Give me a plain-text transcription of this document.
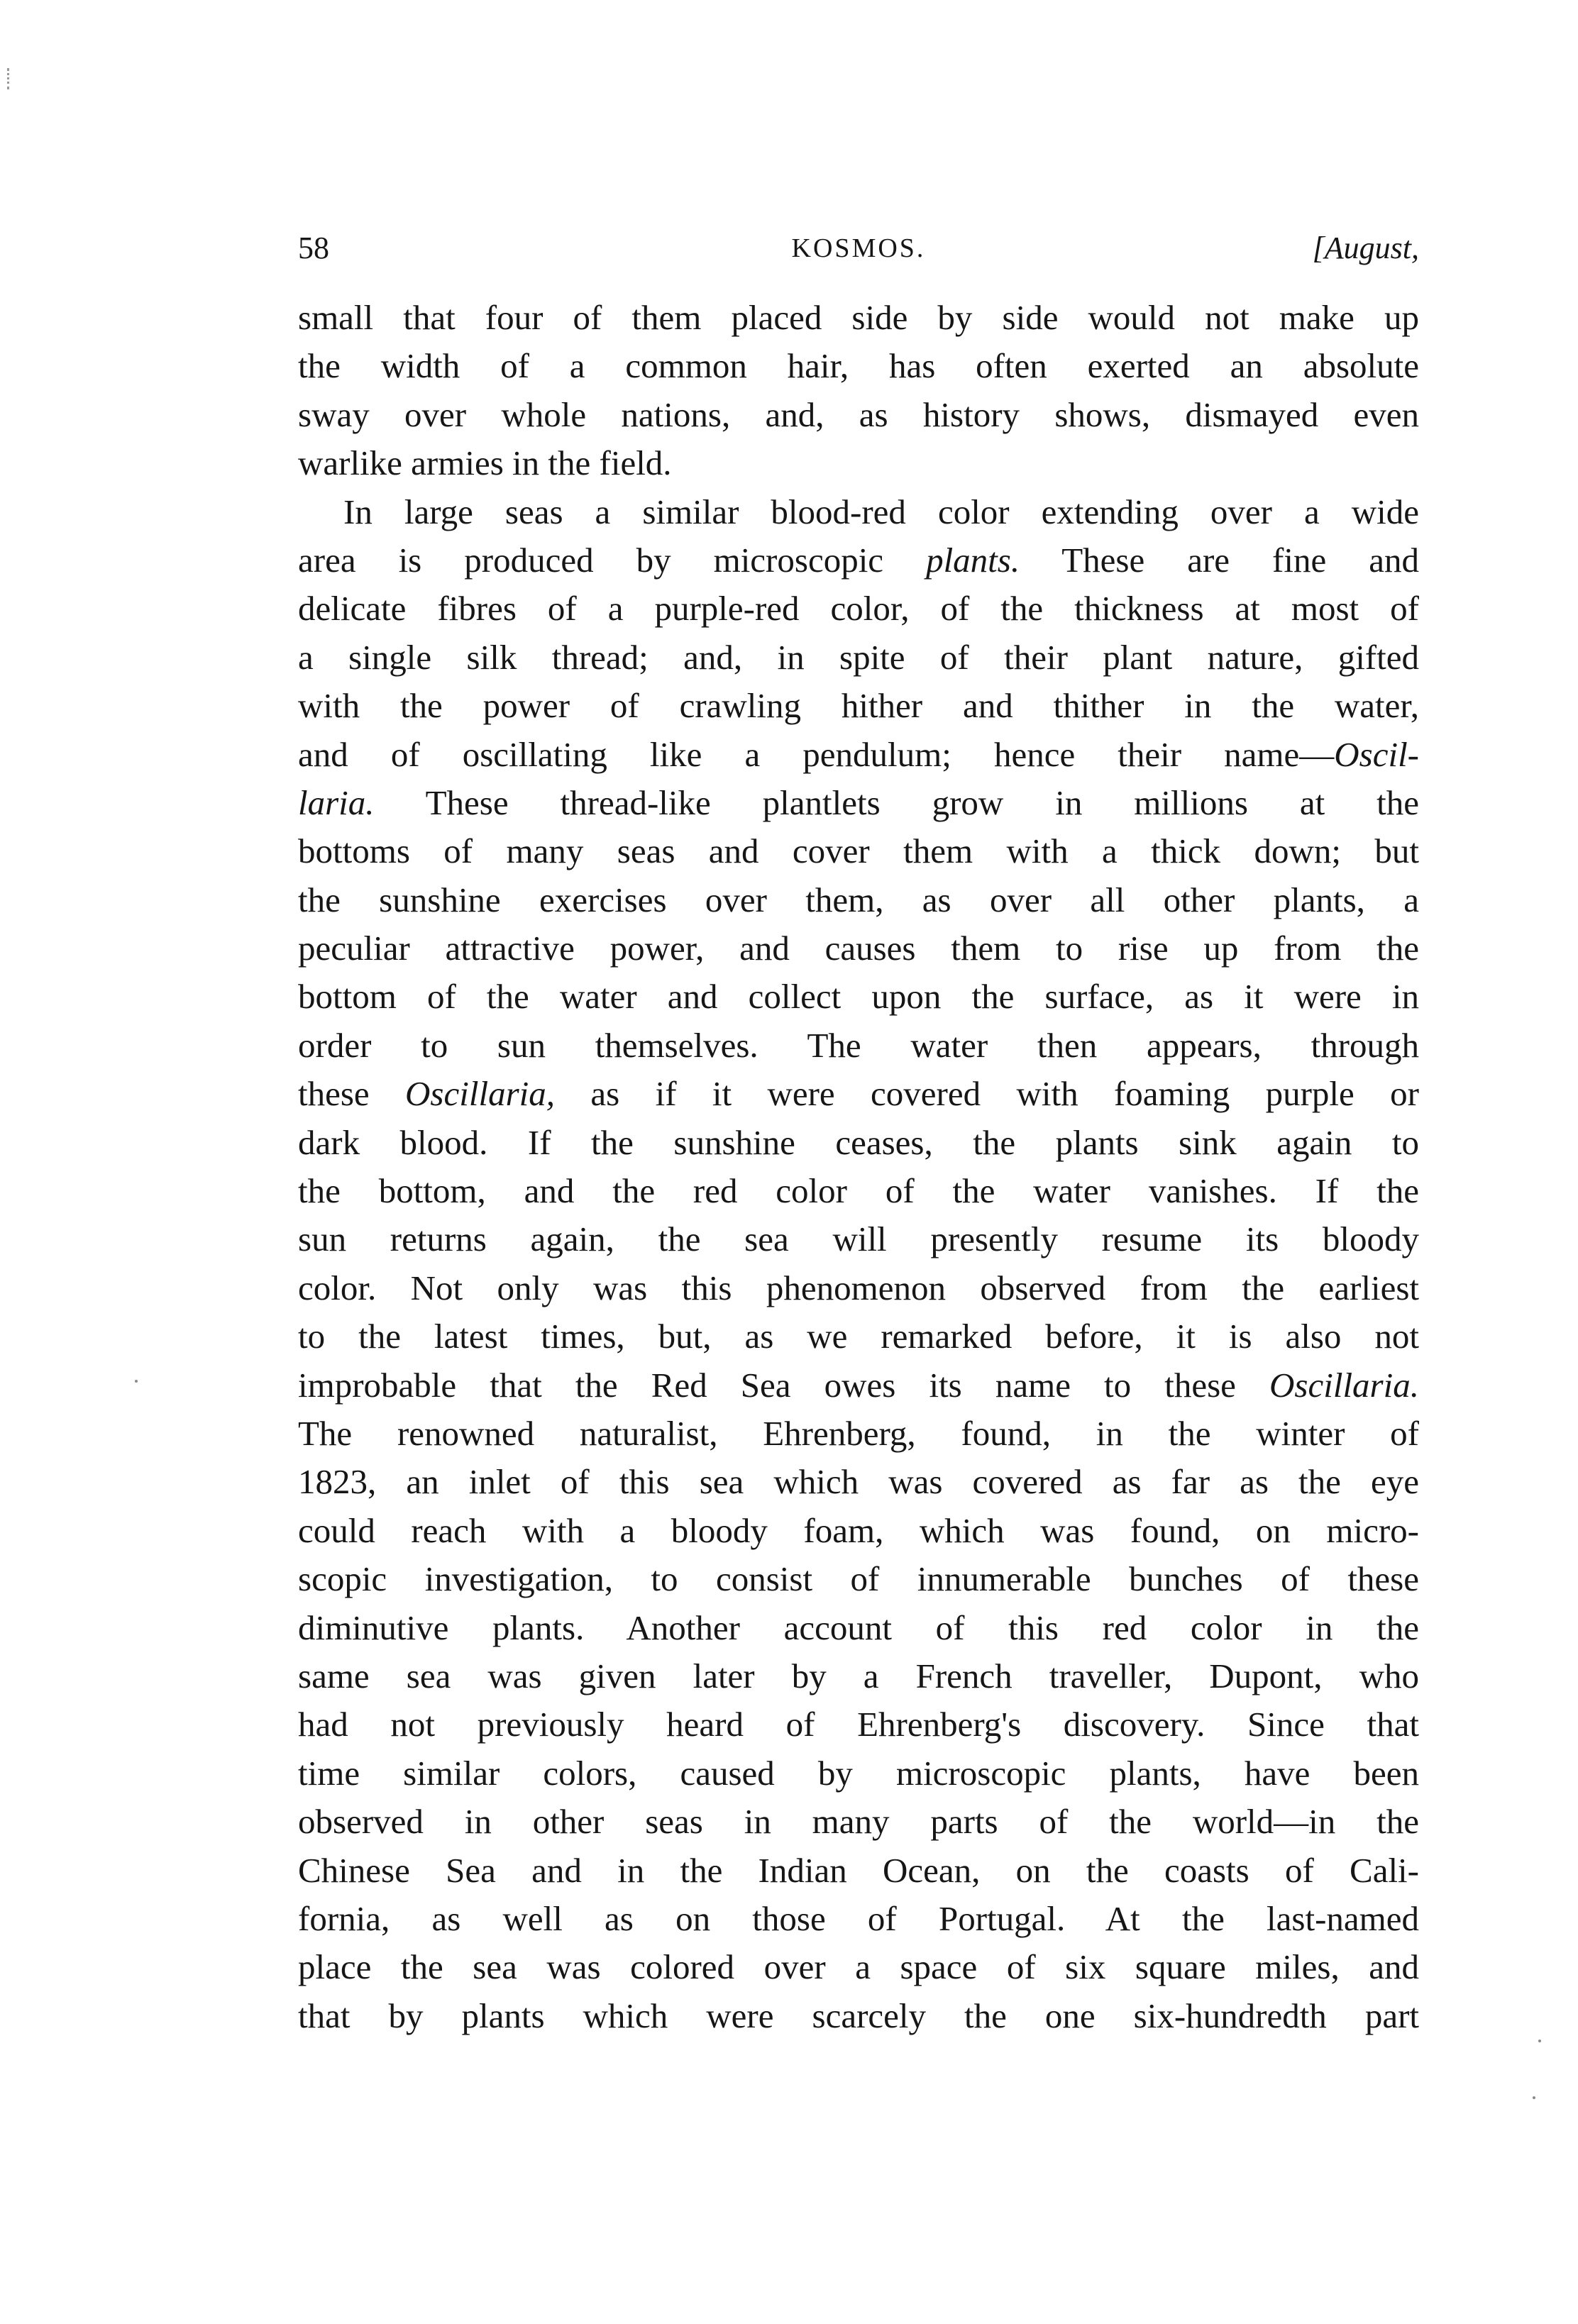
58	KOSMOS.	[August,
small that four of them placed side by side would not make up
the width of a common hair, has often exerted an absolute
sway over whole nations, and, as history shows, dismayed even
warlike armies in the field.
In large seas a similar blood-red color extending over a wide
area is produced by microscopic plants. These are fine and
delicate fibres of a purple-red color, of the thickness at most of
a single silk thread; and, in spite of their plant nature, gifted
with the power of crawling hither and thither in the water,
and of oscillating like a pendulum; hence their name—Oscil-
laria. These thread-like plantlets grow in millions at the
bottoms of many seas and cover them with a thick down; but
the sunshine exercises over them, as over all other plants, a
peculiar attractive power, and causes them to rise up from the
bottom of the water and collect upon the surface, as it were in
order to sun themselves. The water then appears, through
these Oscillaria, as if it were covered with foaming purple or
dark blood. If the sunshine ceases, the plants sink again to
the bottom, and the red color of the water vanishes. If the
sun returns again, the sea will presently resume its bloody
color. Not only was this phenomenon observed from the earliest
to the latest times, but, as we remarked before, it is also not
improbable that the Red Sea owes its name to these Oscillaria.
The renowned naturalist, Ehrenberg, found, in the winter of
1823, an inlet of this sea which was covered as far as the eye
could reach with a bloody foam, which was found, on micro-
scopic investigation, to consist of innumerable bunches of these
diminutive plants. Another account of this red color in the
same sea was given later by a French traveller, Dupont, who
had not previously heard of Ehrenberg's discovery. Since that
time similar colors, caused by microscopic plants, have been
observed in other seas in many parts of the world—in the
Chinese Sea and in the Indian Ocean, on the coasts of Cali-
fornia, as well as on those of Portugal. At the last-named
place the sea was colored over a space of six square miles, and
that by plants which were scarcely the one six-hundredth part
